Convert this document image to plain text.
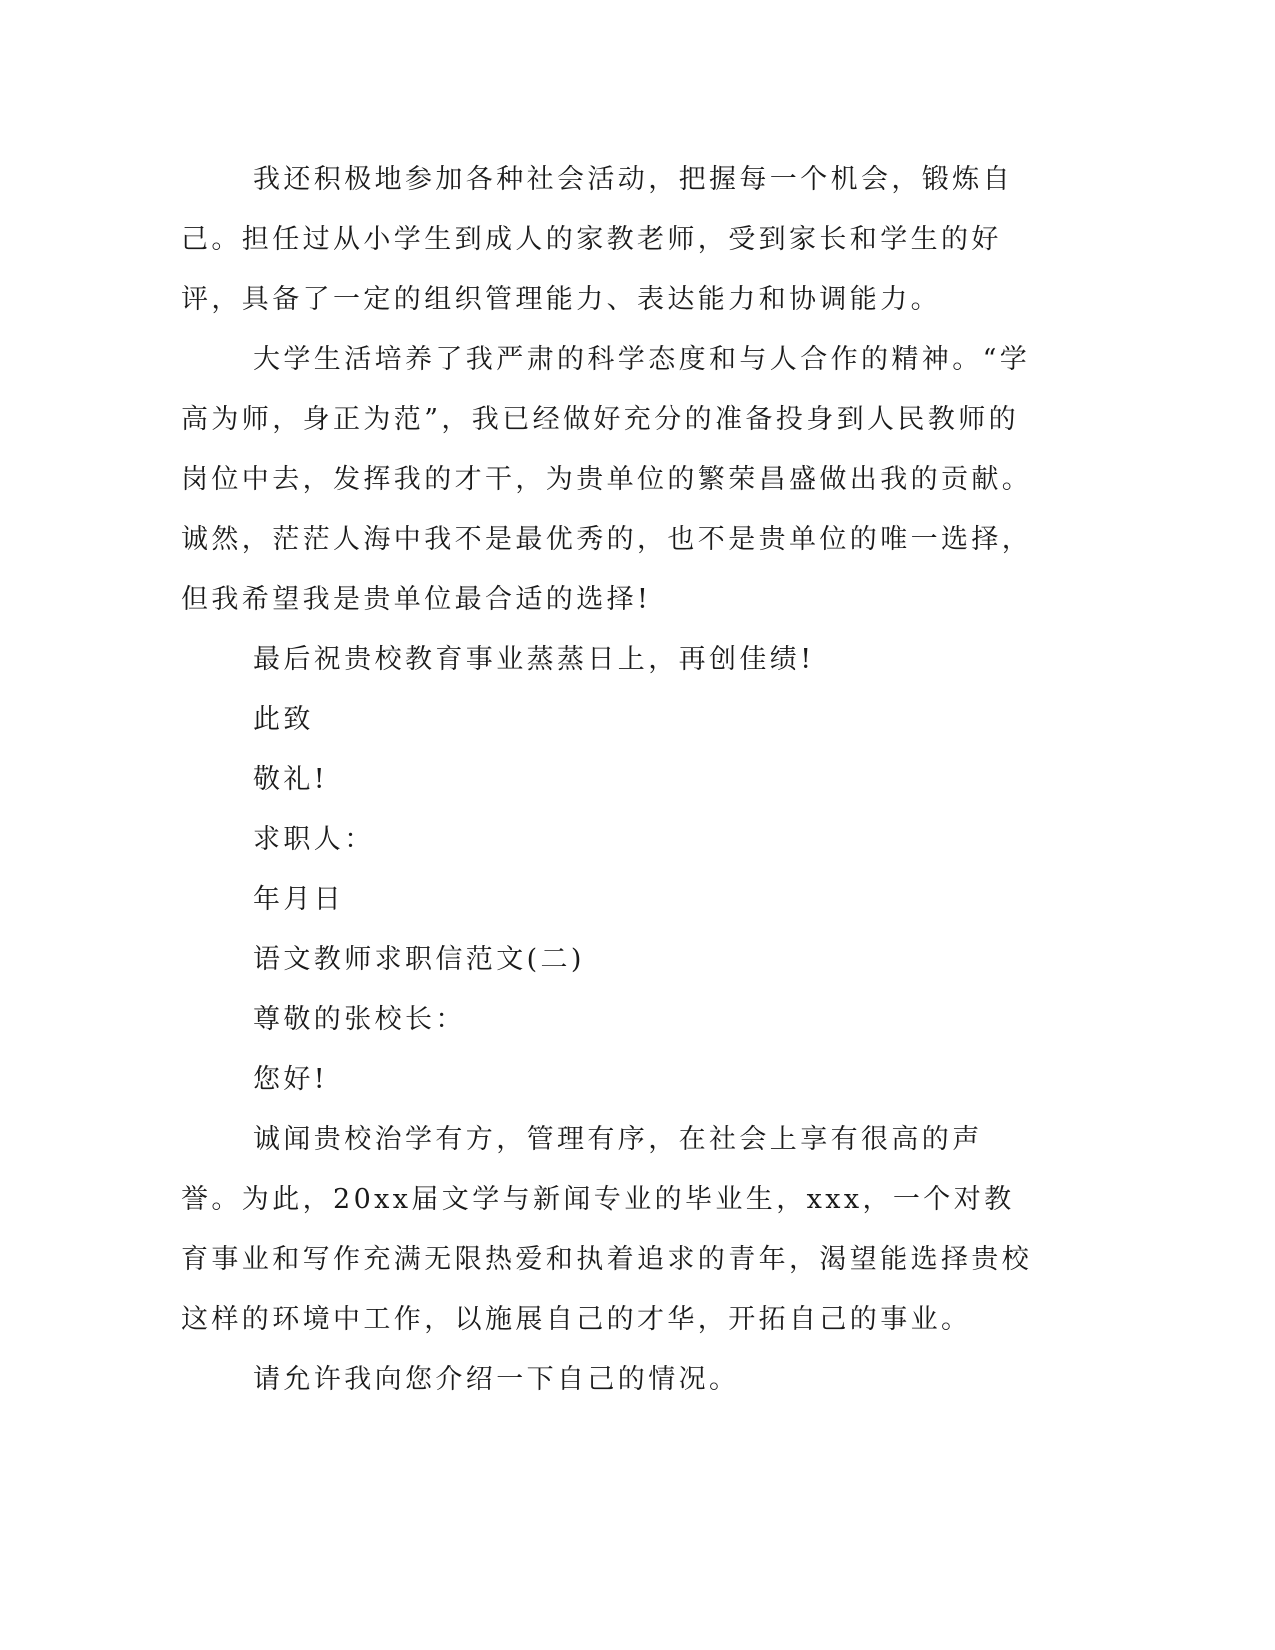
我还积极地参加各种社会活动，把握每一个机会，锻炼自己。担任过从小学生到成人的家教老师，受到家长和学生的好评，具备了一定的组织管理能力、表达能力和协调能力。

大学生活培养了我严肃的科学态度和与人合作的精神。“学高为师，身正为范”，我已经做好充分的准备投身到人民教师的岗位中去，发挥我的才干，为贵单位的繁荣昌盛做出我的贡献。诚然，茫茫人海中我不是最优秀的，也不是贵单位的唯一选择，但我希望我是贵单位最合适的选择!

最后祝贵校教育事业蒸蒸日上，再创佳绩!

此致

敬礼!

求职人：

年月日

语文教师求职信范文(二)

尊敬的张校长：

您好!

诚闻贵校治学有方，管理有序，在社会上享有很高的声誉。为此，20xx届文学与新闻专业的毕业生，xxx，一个对教育事业和写作充满无限热爱和执着追求的青年，渴望能选择贵校这样的环境中工作，以施展自己的才华，开拓自己的事业。

请允许我向您介绍一下自己的情况。
